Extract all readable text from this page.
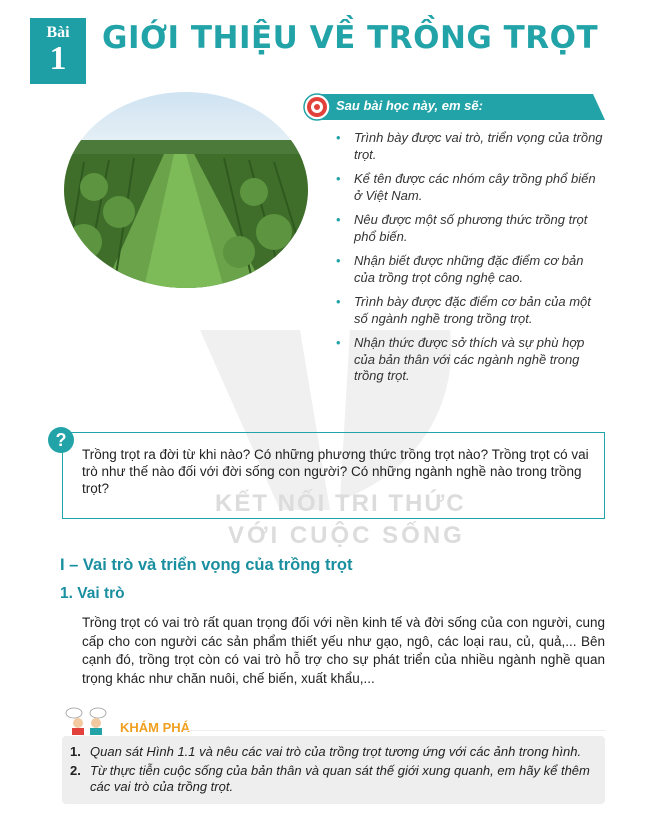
Bài
1
GIỚI THIỆU VỀ TRỒNG TRỌT
KẾT NỐI TRI THỨC
VỚI CUỘC SỐNG
Sau bài học này, em sẽ:
• Trình bày được vai trò, triển vọng của trồng trọt.
• Kể tên được các nhóm cây trồng phổ biến ở Việt Nam.
• Nêu được một số phương thức trồng trọt phổ biến.
• Nhận biết được những đặc điểm cơ bản của trồng trọt công nghệ cao.
• Trình bày được đặc điểm cơ bản của một số ngành nghề trong trồng trọt.
• Nhận thức được sở thích và sự phù hợp của bản thân với các ngành nghề trong trồng trọt.
?
Trồng trọt ra đời từ khi nào? Có những phương thức trồng trọt nào? Trồng trọt có vai trò như thế nào đối với đời sống con người? Có những ngành nghề nào trong trồng trọt?
I – Vai trò và triển vọng của trồng trọt
1. Vai trò
Trồng trọt có vai trò rất quan trọng đối với nền kinh tế và đời sống của con người, cung cấp cho con người các sản phẩm thiết yếu như gạo, ngô, các loại rau, củ, quả,... Bên cạnh đó, trồng trọt còn có vai trò hỗ trợ cho sự phát triển của nhiều ngành nghề quan trọng khác như chăn nuôi, chế biến, xuất khẩu,...
KHÁM PHÁ
1. Quan sát Hình 1.1 và nêu các vai trò của trồng trọt tương ứng với các ảnh trong hình.
2. Từ thực tiễn cuộc sống của bản thân và quan sát thế giới xung quanh, em hãy kể thêm các vai trò của trồng trọt.
